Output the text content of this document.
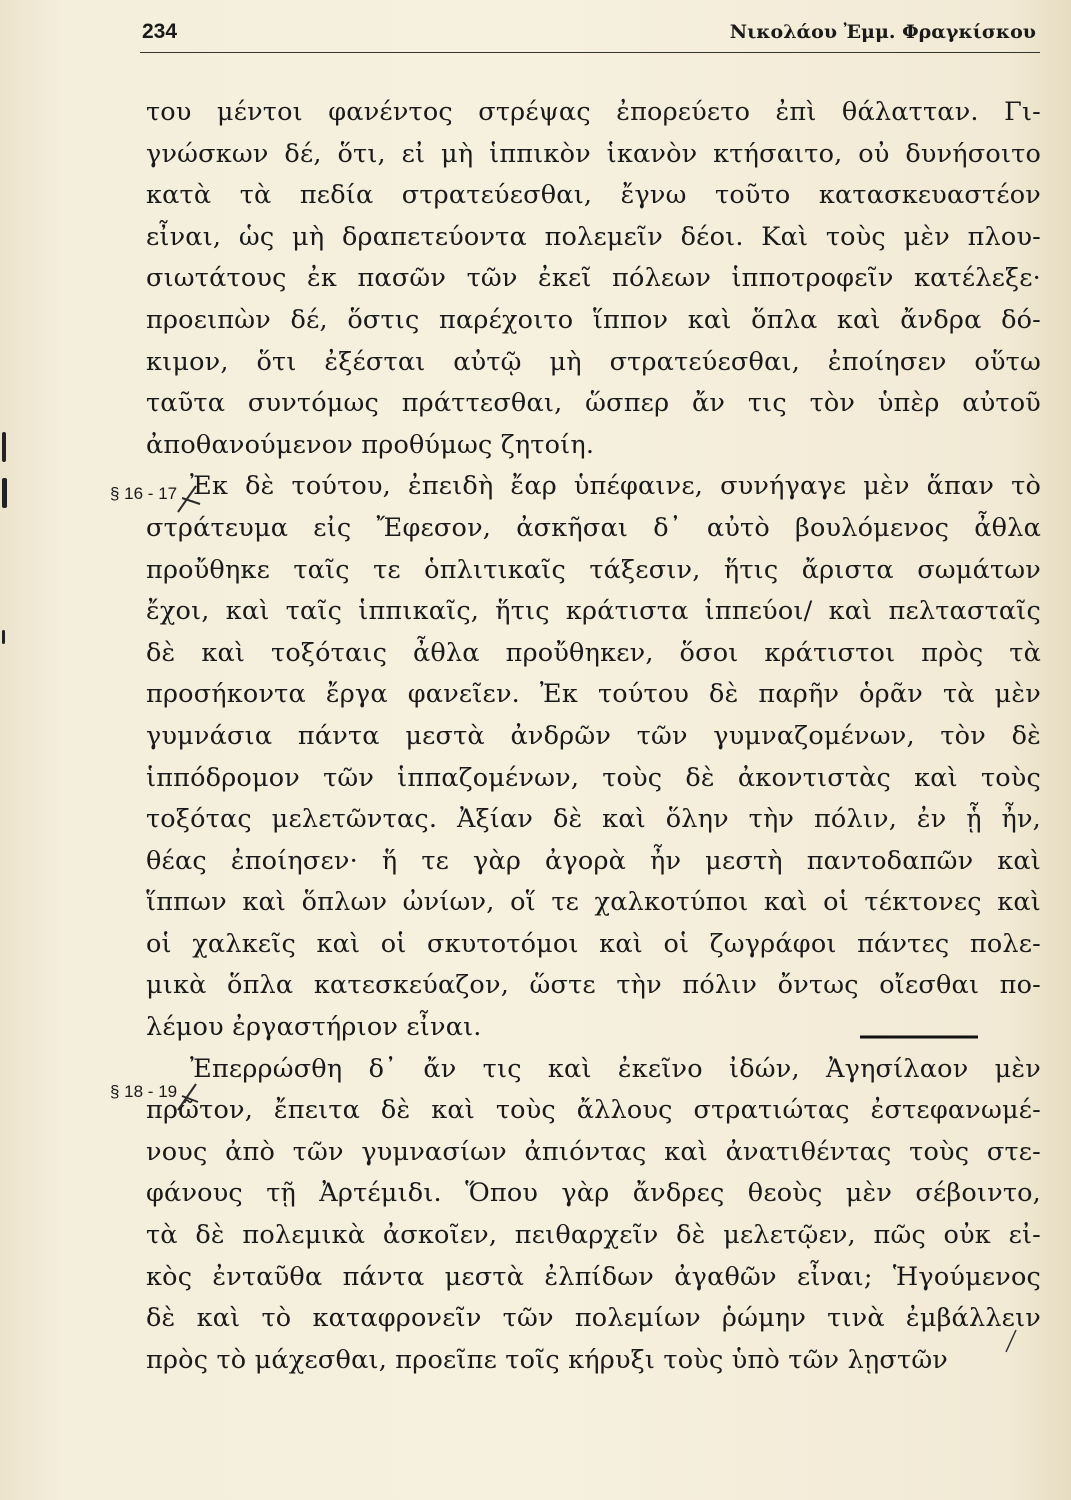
234	Νικολάου Ἐμμ. Φραγκίσκου
§ 16 - 17
§ 18 - 19
του μέντοι φανέντος στρέψας ἐπορεύετο ἐπὶ θάλατταν. Γι-
γνώσκων δέ, ὅτι, εἰ μὴ ἱππικὸν ἱκανὸν κτήσαιτο, οὐ δυνήσοιτο
κατὰ τὰ πεδία στρατεύεσθαι, ἔγνω τοῦτο κατασκευαστέον
εἶναι, ὡς μὴ δραπετεύοντα πολεμεῖν δέοι. Καὶ τοὺς μὲν πλου-
σιωτάτους ἐκ πασῶν τῶν ἐκεῖ πόλεων ἱπποτροφεῖν κατέλεξε·
προειπὼν δέ, ὅστις παρέχοιτο ἵππον καὶ ὅπλα καὶ ἄνδρα δό-
κιμον, ὅτι ἐξέσται αὐτῷ μὴ στρατεύεσθαι, ἐποίησεν οὕτω
ταῦτα συντόμως πράττεσθαι, ὥσπερ ἄν τις τὸν ὑπὲρ αὐτοῦ
ἀποθανούμενον προθύμως ζητοίη.
Ἐκ δὲ τούτου, ἐπειδὴ ἔαρ ὑπέφαινε, συνήγαγε μὲν ἅπαν τὸ
στράτευμα εἰς Ἔφεσον, ἀσκῆσαι δ᾽ αὐτὸ βουλόμενος ἆθλα
προὔθηκε ταῖς τε ὁπλιτικαῖς τάξεσιν, ἥτις ἄριστα σωμάτων
ἔχοι, καὶ ταῖς ἱππικαῖς, ἥτις κράτιστα ἱππεύοι/ καὶ πελτασταῖς
δὲ καὶ τοξόταις ἆθλα προὔθηκεν, ὅσοι κράτιστοι πρὸς τὰ
προσήκοντα ἔργα φανεῖεν. Ἐκ τούτου δὲ παρῆν ὁρᾶν τὰ μὲν
γυμνάσια πάντα μεστὰ ἀνδρῶν τῶν γυμναζομένων, τὸν δὲ
ἱππόδρομον τῶν ἱππαζομένων, τοὺς δὲ ἀκοντιστὰς καὶ τοὺς
τοξότας μελετῶντας. Ἀξίαν δὲ καὶ ὅλην τὴν πόλιν, ἐν ᾗ ἦν,
θέας ἐποίησεν· ἥ τε γὰρ ἀγορὰ ἦν μεστὴ παντοδαπῶν καὶ
ἵππων καὶ ὅπλων ὠνίων, οἵ τε χαλκοτύποι καὶ οἱ τέκτονες καὶ
οἱ χαλκεῖς καὶ οἱ σκυτοτόμοι καὶ οἱ ζωγράφοι πάντες πολε-
μικὰ ὅπλα κατεσκεύαζον, ὥστε τὴν πόλιν ὄντως οἴεσθαι πο-
λέμου ἐργαστήριον εἶναι.
Ἐπερρώσθη δ᾽ ἄν τις καὶ ἐκεῖνο ἰδών, Ἀγησίλαον μὲν
πρῶτον, ἔπειτα δὲ καὶ τοὺς ἄλλους στρατιώτας ἐστεφανωμέ-
νους ἀπὸ τῶν γυμνασίων ἀπιόντας καὶ ἀνατιθέντας τοὺς στε-
φάνους τῇ Ἀρτέμιδι. Ὅπου γὰρ ἄνδρες θεοὺς μὲν σέβοιντο,
τὰ δὲ πολεμικὰ ἀσκοῖεν, πειθαρχεῖν δὲ μελετῷεν, πῶς οὐκ εἰ-
κὸς ἐνταῦθα πάντα μεστὰ ἐλπίδων ἀγαθῶν εἶναι; Ἡγούμενος
δὲ καὶ τὸ καταφρονεῖν τῶν πολεμίων ῥώμην τινὰ ἐμβάλλειν
πρὸς τὸ μάχεσθαι, προεῖπε τοῖς κήρυξι τοὺς ὑπὸ τῶν λῃστῶν
